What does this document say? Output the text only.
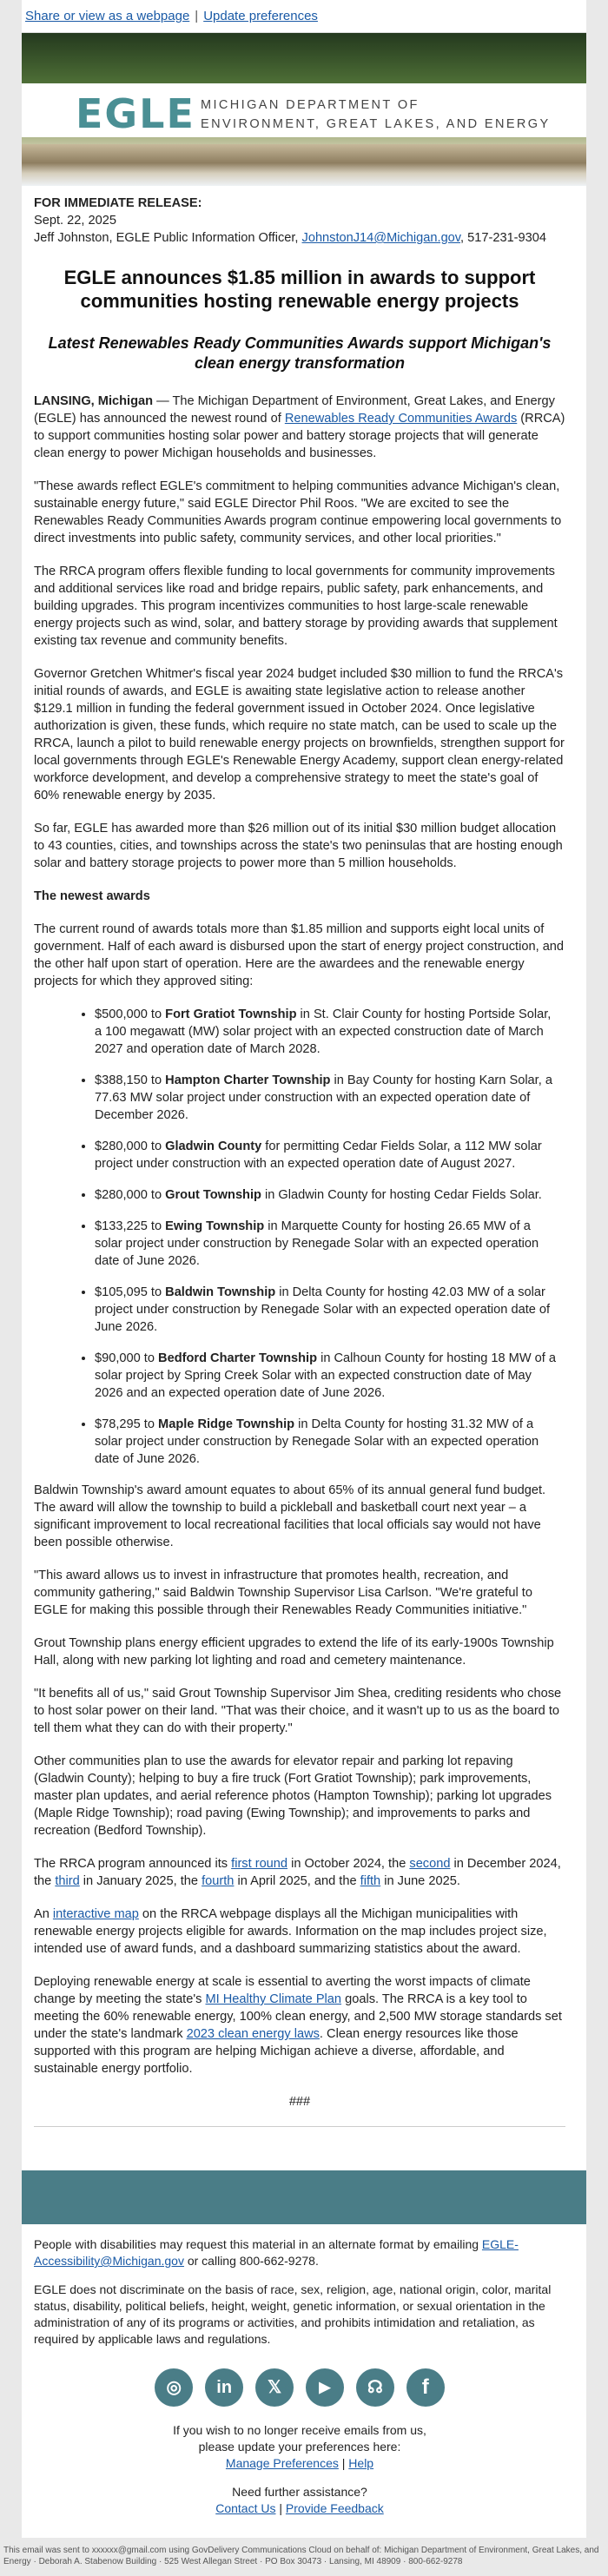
Share or view as a webpage | Update preferences
EGLE MICHIGAN DEPARTMENT OF
ENVIRONMENT, GREAT LAKES, AND ENERGY

FOR IMMEDIATE RELEASE:

Sept. 22, 2025

Jeff Johnston, EGLE Public Information Officer, JohnstonJ14@Michigan.gov, 517-231-9304

EGLE announces $1.85 million in awards to support communities hosting renewable energy projects
Latest Renewables Ready Communities Awards support Michigan's clean energy transformation

LANSING, Michigan — The Michigan Department of Environment, Great Lakes, and Energy (EGLE) has announced the newest round of Renewables Ready Communities Awards (RRCA) to support communities hosting solar power and battery storage projects that will generate clean energy to power Michigan households and businesses.

"These awards reflect EGLE's commitment to helping communities advance Michigan's clean, sustainable energy future," said EGLE Director Phil Roos. "We are excited to see the Renewables Ready Communities Awards program continue empowering local governments to direct investments into public safety, community services, and other local priorities."

The RRCA program offers flexible funding to local governments for community improvements and additional services like road and bridge repairs, public safety, park enhancements, and building upgrades. This program incentivizes communities to host large-scale renewable energy projects such as wind, solar, and battery storage by providing awards that supplement existing tax revenue and community benefits.

Governor Gretchen Whitmer's fiscal year 2024 budget included $30 million to fund the RRCA's initial rounds of awards, and EGLE is awaiting state legislative action to release another $129.1 million in funding the federal government issued in October 2024. Once legislative authorization is given, these funds, which require no state match, can be used to scale up the RRCA, launch a pilot to build renewable energy projects on brownfields, strengthen support for local governments through EGLE's Renewable Energy Academy, support clean energy-related workforce development, and develop a comprehensive strategy to meet the state's goal of 60% renewable energy by 2035.

So far, EGLE has awarded more than $26 million out of its initial $30 million budget allocation to 43 counties, cities, and townships across the state's two peninsulas that are hosting enough solar and battery storage projects to power more than 5 million households.

The newest awards

The current round of awards totals more than $1.85 million and supports eight local units of government. Half of each award is disbursed upon the start of energy project construction, and the other half upon start of operation. Here are the awardees and the renewable energy projects for which they approved siting:

• $500,000 to Fort Gratiot Township in St. Clair County for hosting Portside Solar, a 100 megawatt (MW) solar project with an expected construction date of March 2027 and operation date of March 2028.
• $388,150 to Hampton Charter Township in Bay County for hosting Karn Solar, a 77.63 MW solar project under construction with an expected operation date of December 2026.
• $280,000 to Gladwin County for permitting Cedar Fields Solar, a 112 MW solar project under construction with an expected operation date of August 2027.
• $280,000 to Grout Township in Gladwin County for hosting Cedar Fields Solar.
• $133,225 to Ewing Township in Marquette County for hosting 26.65 MW of a solar project under construction by Renegade Solar with an expected operation date of June 2026.
• $105,095 to Baldwin Township in Delta County for hosting 42.03 MW of a solar project under construction by Renegade Solar with an expected operation date of June 2026.
• $90,000 to Bedford Charter Township in Calhoun County for hosting 18 MW of a solar project by Spring Creek Solar with an expected construction date of May 2026 and an expected operation date of June 2026.
• $78,295 to Maple Ridge Township in Delta County for hosting 31.32 MW of a solar project under construction by Renegade Solar with an expected operation date of June 2026.

Baldwin Township's award amount equates to about 65% of its annual general fund budget. The award will allow the township to build a pickleball and basketball court next year – a significant improvement to local recreational facilities that local officials say would not have been possible otherwise.

"This award allows us to invest in infrastructure that promotes health, recreation, and community gathering," said Baldwin Township Supervisor Lisa Carlson. "We're grateful to EGLE for making this possible through their Renewables Ready Communities initiative."

Grout Township plans energy efficient upgrades to extend the life of its early-1900s Township Hall, along with new parking lot lighting and road and cemetery maintenance.

"It benefits all of us," said Grout Township Supervisor Jim Shea, crediting residents who chose to host solar power on their land. "That was their choice, and it wasn't up to us as the board to tell them what they can do with their property."

Other communities plan to use the awards for elevator repair and parking lot repaving (Gladwin County); helping to buy a fire truck (Fort Gratiot Township); park improvements, master plan updates, and aerial reference photos (Hampton Township); parking lot upgrades (Maple Ridge Township); road paving (Ewing Township); and improvements to parks and recreation (Bedford Township).

The RRCA program announced its first round in October 2024, the second in December 2024, the third in January 2025, the fourth in April 2025, and the fifth in June 2025.

An interactive map on the RRCA webpage displays all the Michigan municipalities with renewable energy projects eligible for awards. Information on the map includes project size, intended use of award funds, and a dashboard summarizing statistics about the award.

Deploying renewable energy at scale is essential to averting the worst impacts of climate change by meeting the state's MI Healthy Climate Plan goals. The RRCA is a key tool to meeting the 60% renewable energy, 100% clean energy, and 2,500 MW storage standards set under the state's landmark 2023 clean energy laws. Clean energy resources like those supported with this program are helping Michigan achieve a diverse, affordable, and sustainable energy portfolio.

###

People with disabilities may request this material in an alternate format by emailing EGLE-Accessibility@Michigan.gov or calling 800-662-9278.

EGLE does not discriminate on the basis of race, sex, religion, age, national origin, color, marital status, disability, political beliefs, height, weight, genetic information, or sexual orientation in the administration of any of its programs or activities, and prohibits intimidation and retaliation, as required by applicable laws and regulations.

◎ in 𝕏	▶ ☊ f

If you wish to no longer receive emails from us,
please update your preferences here:
Manage Preferences | Help

Need further assistance?
Contact Us | Provide Feedback

This email was sent to xxxxxx@gmail.com using GovDelivery Communications Cloud on behalf of: Michigan Department of Environment, Great Lakes, and Energy · Deborah A. Stabenow Building · 525 West Allegan Street · PO Box 30473 · Lansing, MI 48909 · 800-662-9278
